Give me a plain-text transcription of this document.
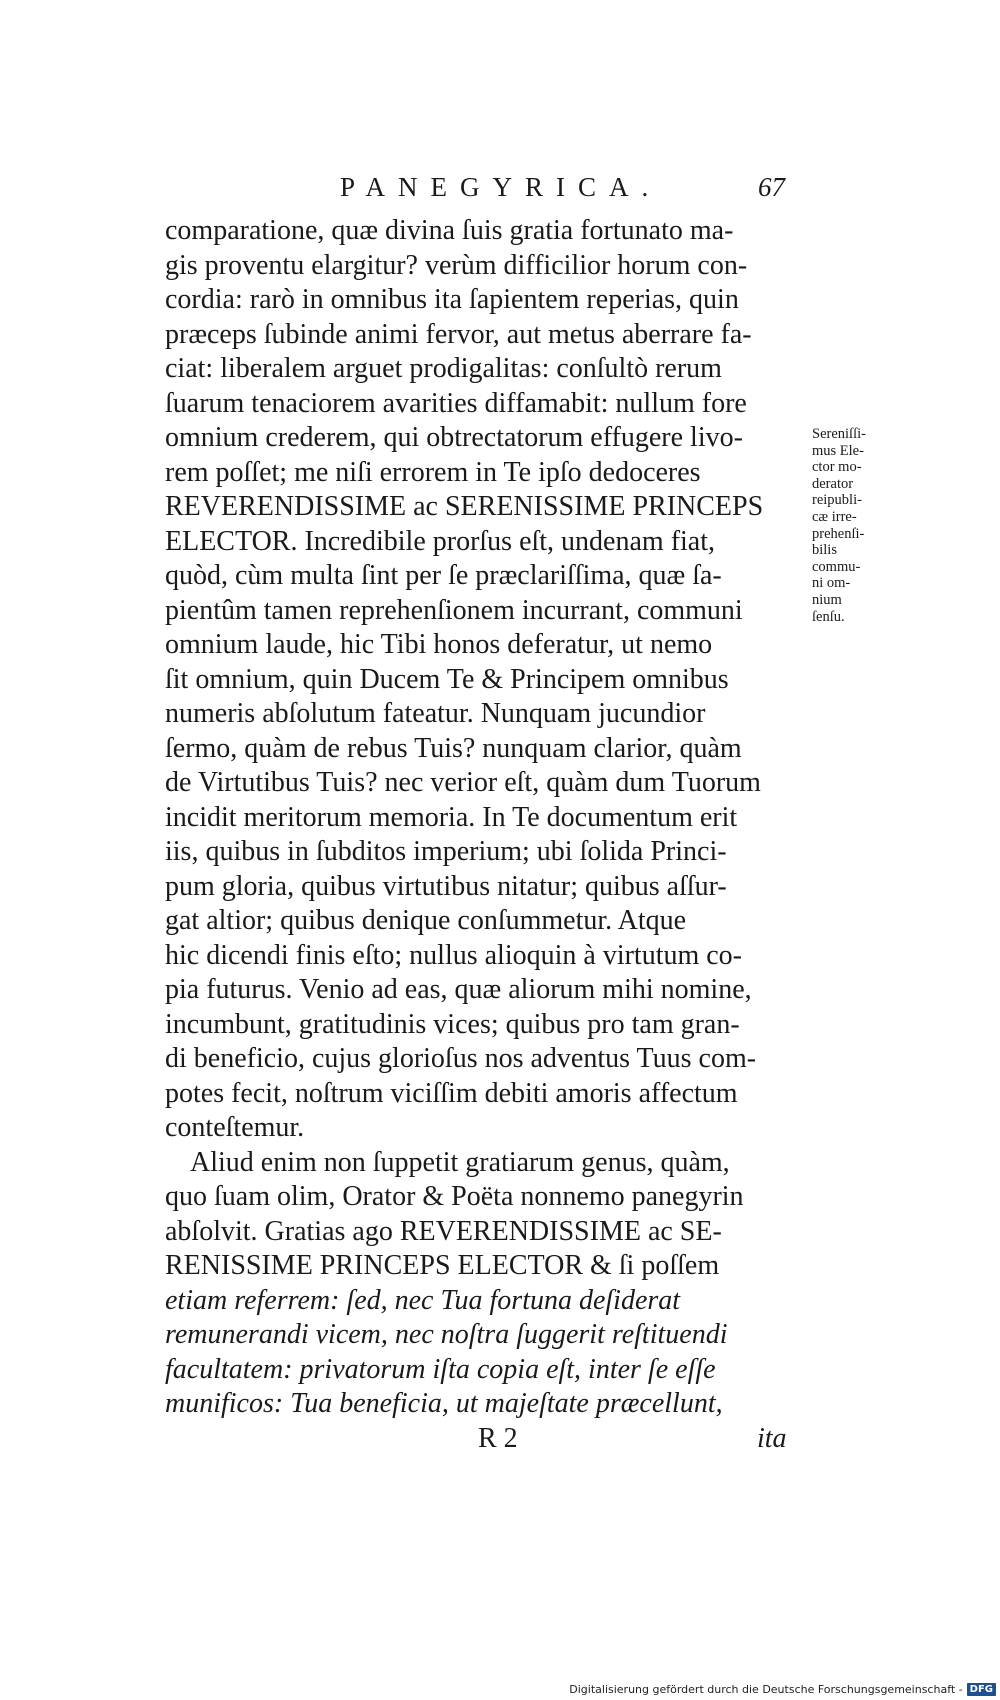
PANEGYRICA.	67
comparatione, quæ divina ſuis gratia fortunato ma-
gis proventu elargitur? verùm difficilior horum con-
cordia: rarò in omnibus ita ſapientem reperias, quin
præceps ſubinde animi fervor, aut metus aberrare fa-
ciat: liberalem arguet prodigalitas: conſultò rerum
ſuarum tenaciorem avarities diffamabit: nullum fore
omnium crederem, qui obtrectatorum effugere livo-
rem poſſet; me niſi errorem in Te ipſo dedoceres
REVERENDISSIME ac SERENISSIME PRINCEPS
ELECTOR. Incredibile prorſus eſt, undenam fiat,
quòd, cùm multa ſint per ſe præclariſſima, quæ ſa-
pientûm tamen reprehenſionem incurrant, communi
omnium laude, hic Tibi honos deferatur, ut nemo
ſit omnium, quin Ducem Te & Principem omnibus
numeris abſolutum fateatur. Nunquam jucundior
ſermo, quàm de rebus Tuis? nunquam clarior, quàm
de Virtutibus Tuis? nec verior eſt, quàm dum Tuorum
incidit meritorum memoria. In Te documentum erit
iis, quibus in ſubditos imperium; ubi ſolida Princi-
pum gloria, quibus virtutibus nitatur; quibus aſſur-
gat altior; quibus denique conſummetur. Atque
hic dicendi finis eſto; nullus alioquin à virtutum co-
pia futurus. Venio ad eas, quæ aliorum mihi nomine,
incumbunt, gratitudinis vices; quibus pro tam gran-
di beneficio, cujus glorioſus nos adventus Tuus com-
potes fecit, noſtrum viciſſim debiti amoris affectum
conteſtemur.
Aliud enim non ſuppetit gratiarum genus, quàm,
quo ſuam olim, Orator & Poëta nonnemo panegyrin
abſolvit. Gratias ago REVERENDISSIME ac SE-
RENISSIME PRINCEPS ELECTOR & ſi poſſem
etiam referrem: ſed, nec Tua fortuna deſiderat
remunerandi vicem, nec noſtra ſuggerit reſtituendi
facultatem: privatorum iſta copia eſt, inter ſe eſſe
munificos: Tua beneficia, ut majeſtate præcellunt,
Sereniſſi-
mus Ele-
ctor mo-
derator
reipubli-
cæ irre-
prehenſi-
bilis
commu-
ni om-
nium
ſenſu.
R 2	ita
Digitalisierung gefördert durch die Deutsche Forschungsgemeinschaft - DFG
